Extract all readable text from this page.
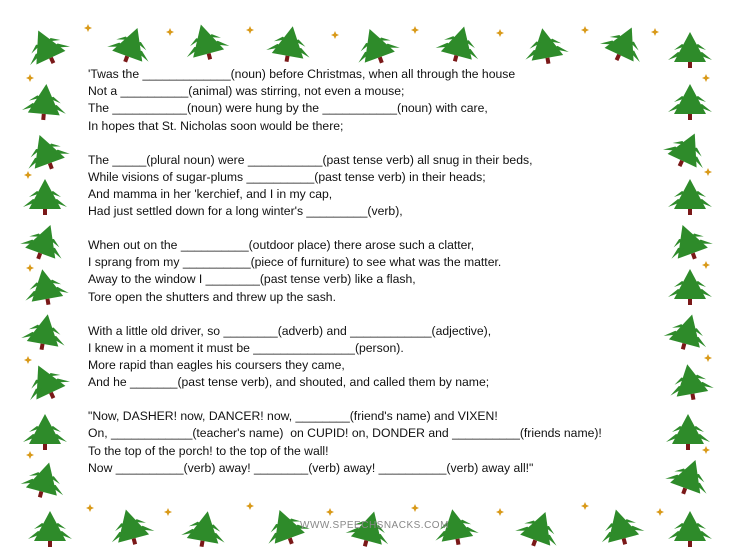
'Twas the _____________(noun) before Christmas, when all through the house
Not a __________(animal) was stirring, not even a mouse;
The ___________(noun) were hung by the ___________(noun) with care,
In hopes that St. Nicholas soon would be there;
The _____(plural noun) were ___________(past tense verb) all snug in their beds,
While visions of sugar-plums __________(past tense verb) in their heads;
And mamma in her 'kerchief, and I in my cap,
Had just settled down for a long winter's _________(verb),
When out on the __________(outdoor place) there arose such a clatter,
I sprang from my __________(piece of furniture) to see what was the matter.
Away to the window I ________(past tense verb) like a flash,
Tore open the shutters and threw up the sash.
With a little old driver, so ________(adverb) and ____________(adjective),
I knew in a moment it must be _______________(person).
More rapid than eagles his coursers they came,
And he _______(past tense verb), and shouted, and called them by name;
"Now, DASHER! now, DANCER! now, ________(friend's name) and VIXEN!
On, ____________(teacher's name)  on CUPID! on, DONDER and __________(friends name)!
To the top of the porch! to the top of the wall!
Now __________(verb) away! ________(verb) away! __________(verb) away all!"
WWW.SPEECHSNACKS.COM
